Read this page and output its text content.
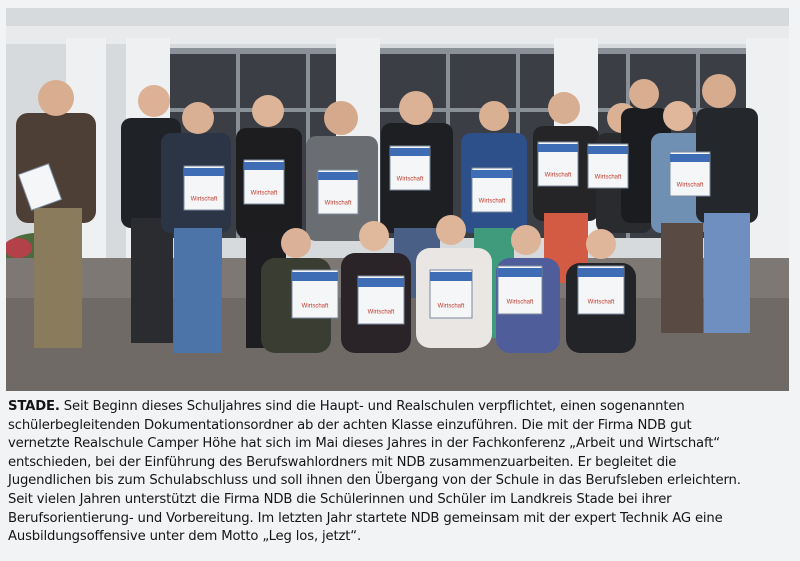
Wirtschaft
Wirtschaft
Wirtschaft
Wirtschaft
Wirtschaft
Wirtschaft	Wirtschaft
Wirtschaft
Wirtschaft
Wirtschaft
Wirtschaft
Wirtschaft	Wirtschaft
STADE. Seit Beginn dieses Schuljahres sind die Haupt- und Realschulen verpflichtet, einen sogenannten
schülerbegleitenden Dokumentationsordner ab der achten Klasse einzuführen. Die mit der Firma NDB gut
vernetzte Realschule Camper Höhe hat sich im Mai dieses Jahres in der Fachkonferenz „Arbeit und Wirtschaft“
entschieden, bei der Einführung des Berufswahlordners mit NDB zusammenzuarbeiten. Er begleitet die
Jugendlichen bis zum Schulabschluss und soll ihnen den Übergang von der Schule in das Berufsleben erleichtern.
Seit vielen Jahren unterstützt die Firma NDB die Schülerinnen und Schüler im Landkreis Stade bei ihrer
Berufsorientierung- und Vorbereitung. Im letzten Jahr startete NDB gemeinsam mit der expert Technik AG eine
Ausbildungsoffensive unter dem Motto „Leg los, jetzt“.
